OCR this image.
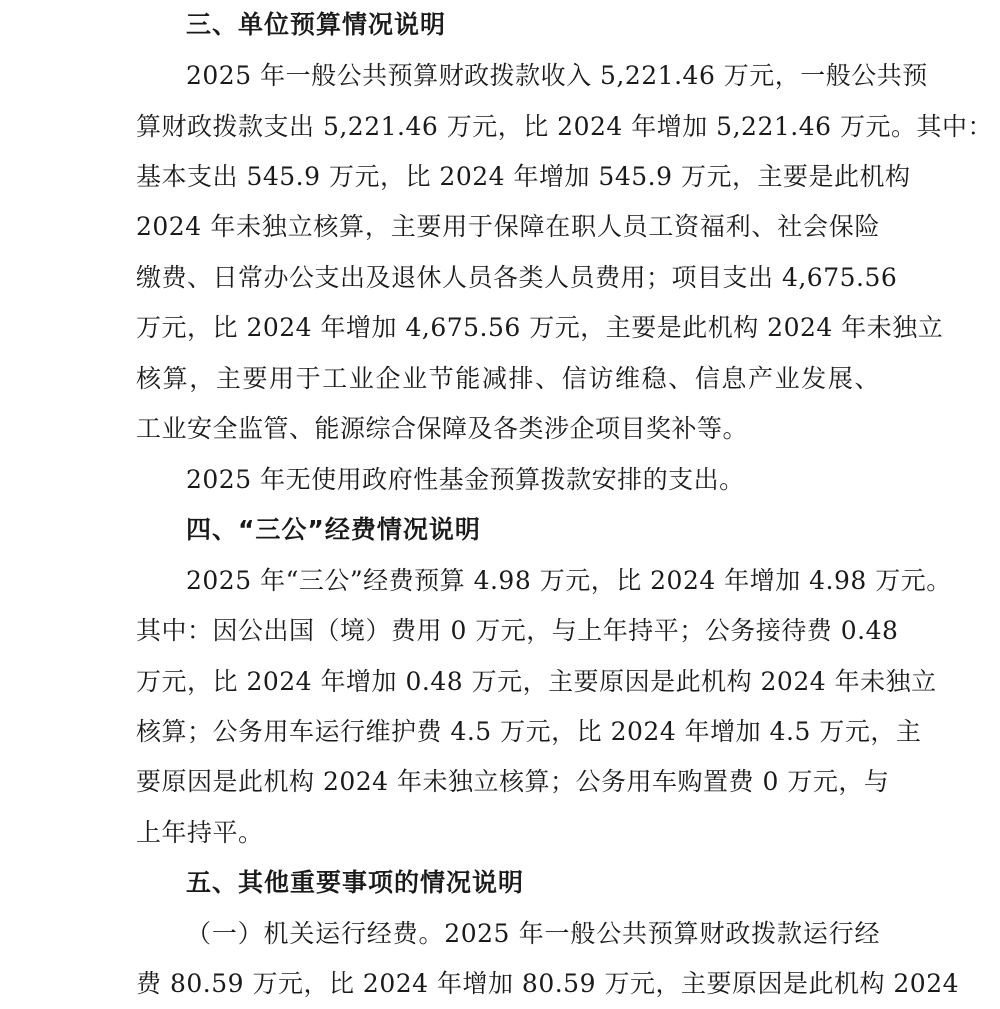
三、单位预算情况说明
2025 年一般公共预算财政拨款收入 5,221.46 万元，一般公共预
算财政拨款支出 5,221.46 万元，比 2024 年增加 5,221.46 万元。其中：
基本支出 545.9 万元，比 2024 年增加 545.9 万元，主要是此机构
2024 年未独立核算，主要用于保障在职人员工资福利、社会保险
缴费、日常办公支出及退休人员各类人员费用；项目支出 4,675.56
万元，比 2024 年增加 4,675.56 万元，主要是此机构 2024 年未独立
核算，主要用于工业企业节能减排、信访维稳、信息产业发展、
工业安全监管、能源综合保障及各类涉企项目奖补等。
2025 年无使用政府性基金预算拨款安排的支出。
四、“三公”经费情况说明
2025 年“三公”经费预算 4.98 万元，比 2024 年增加 4.98 万元。
其中：因公出国（境）费用 0 万元，与上年持平；公务接待费 0.48
万元，比 2024 年增加 0.48 万元，主要原因是此机构 2024 年未独立
核算；公务用车运行维护费 4.5 万元，比 2024 年增加 4.5 万元，主
要原因是此机构 2024 年未独立核算；公务用车购置费 0 万元，与
上年持平。
五、其他重要事项的情况说明
（一）机关运行经费。2025 年一般公共预算财政拨款运行经
费 80.59 万元，比 2024 年增加 80.59 万元，主要原因是此机构 2024
